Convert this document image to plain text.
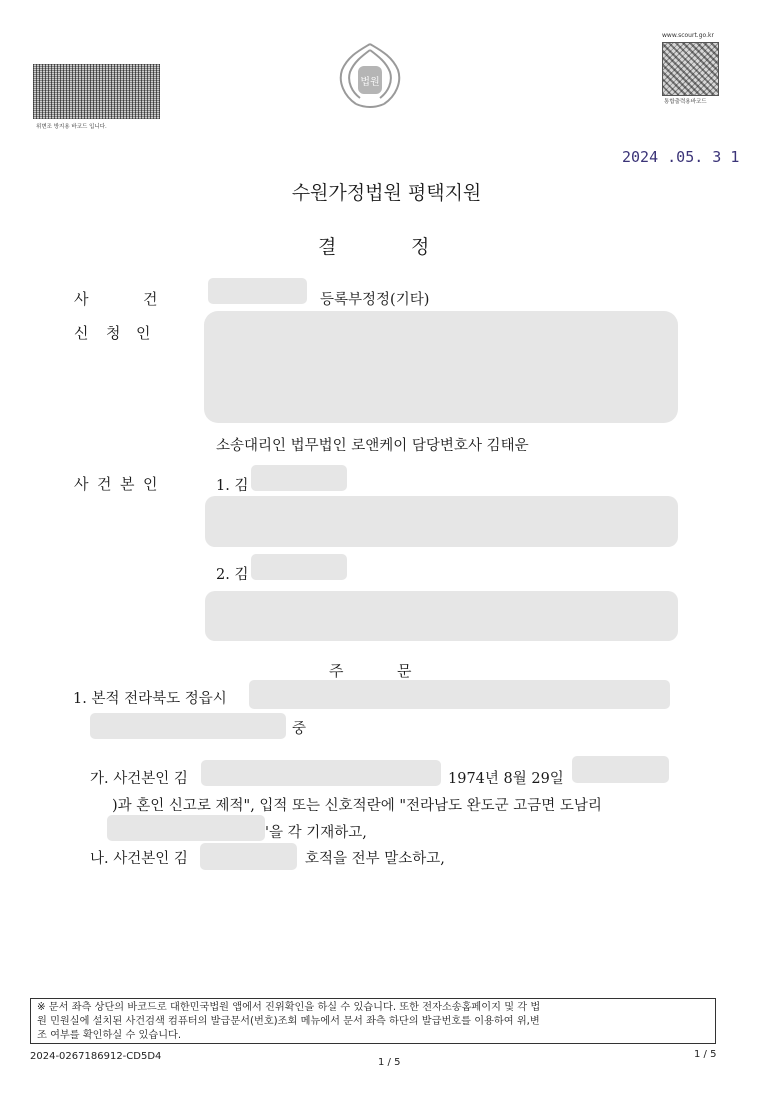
위변조 방지용 바코드 입니다.
법원
www.scourt.go.kr
통합출력용바코드
2024 .05. 3 1
수원가정법원 평택지원
결	정
사	건	등록부정정(기타)
신 청 인
소송대리인 법무법인 로앤케이 담당변호사 김태운
사 건 본 인	1. 김
2. 김
주	문
1. 본적 전라북도 정읍시
중
가. 사건본인 김	1974년 8월 29일
)과 혼인 신고로 제적", 입적 또는 신호적란에 "전라남도 완도군 고금면 도남리
'을 각 기재하고,
나. 사건본인 김	호적을 전부 말소하고,
※ 문서 좌측 상단의 바코드로 대한민국법원 앱에서 진위확인을 하실 수 있습니다. 또한 전자소송홈페이지 및 각 법
원 민원실에 설치된 사건검색 컴퓨터의 발급문서(번호)조회 메뉴에서 문서 좌측 하단의 발급번호를 이용하여 위,변
조 여부를 확인하실 수 있습니다.
2024-0267186912-CD5D4
1 / 5
1 / 5
